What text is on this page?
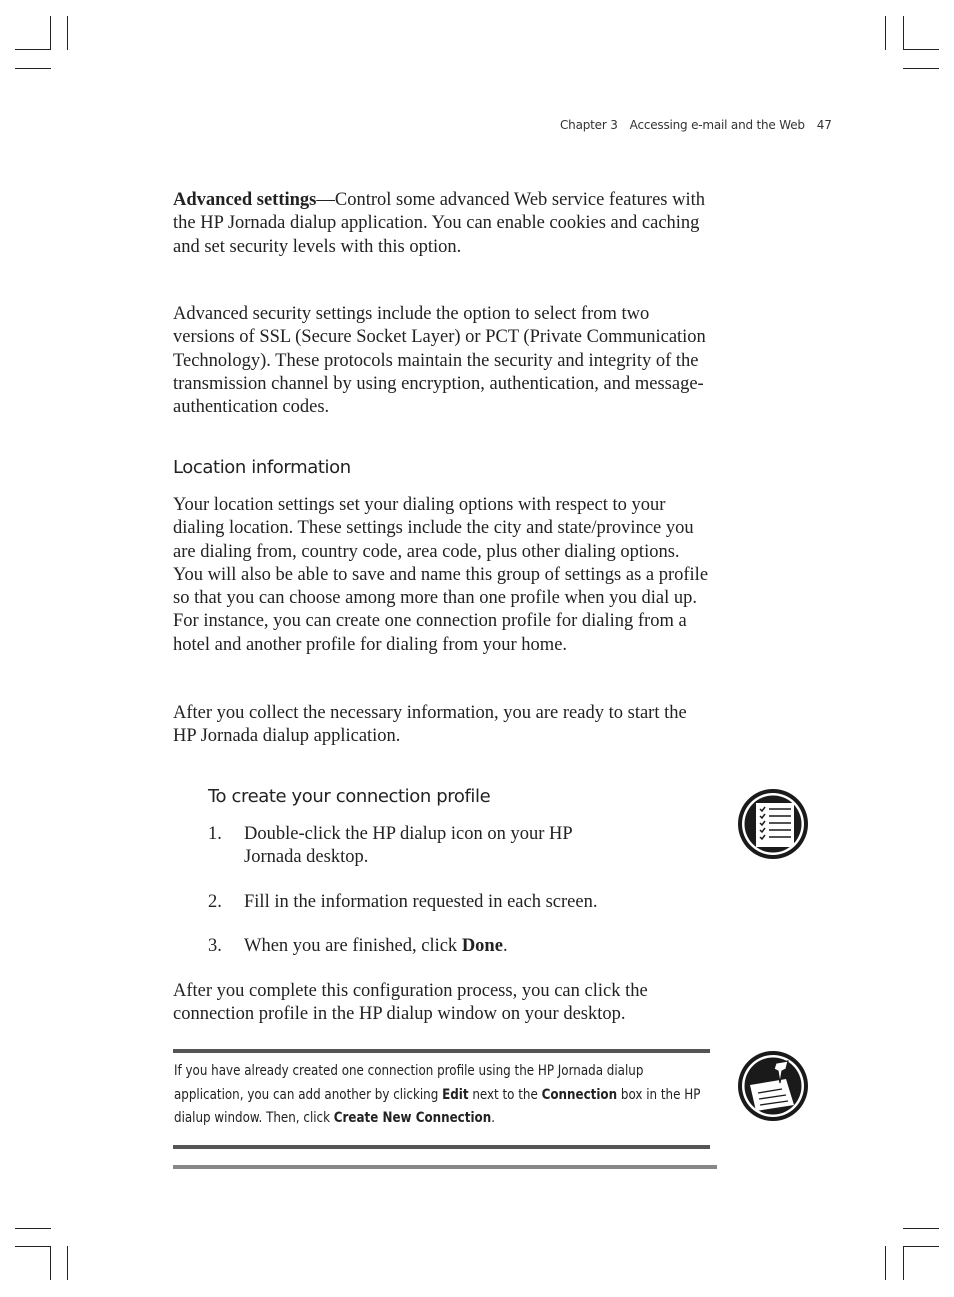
Chapter 3 Accessing e-mail and the Web 47
Advanced settings—Control some advanced Web service features with the HP Jornada dialup application. You can enable cookies and caching and set security levels with this option.
Advanced security settings include the option to select from two versions of SSL (Secure Socket Layer) or PCT (Private Communication Technology). These protocols maintain the security and integrity of the transmission channel by using encryption, authentication, and message-authentication codes.
Location information
Your location settings set your dialing options with respect to your dialing location. These settings include the city and state/province you are dialing from, country code, area code, plus other dialing options. You will also be able to save and name this group of settings as a profile so that you can choose among more than one profile when you dial up. For instance, you can create one connection profile for dialing from a hotel and another profile for dialing from your home.
After you collect the necessary information, you are ready to start the HP Jornada dialup application.
To create your connection profile
1. Double-click the HP dialup icon on your HP Jornada desktop.
2. Fill in the information requested in each screen.
3. When you are finished, click Done.
After you complete this configuration process, you can click the connection profile in the HP dialup window on your desktop.
If you have already created one connection profile using the HP Jornada dialup application, you can add another by clicking Edit next to the Connection box in the HP dialup window. Then, click Create New Connection.
